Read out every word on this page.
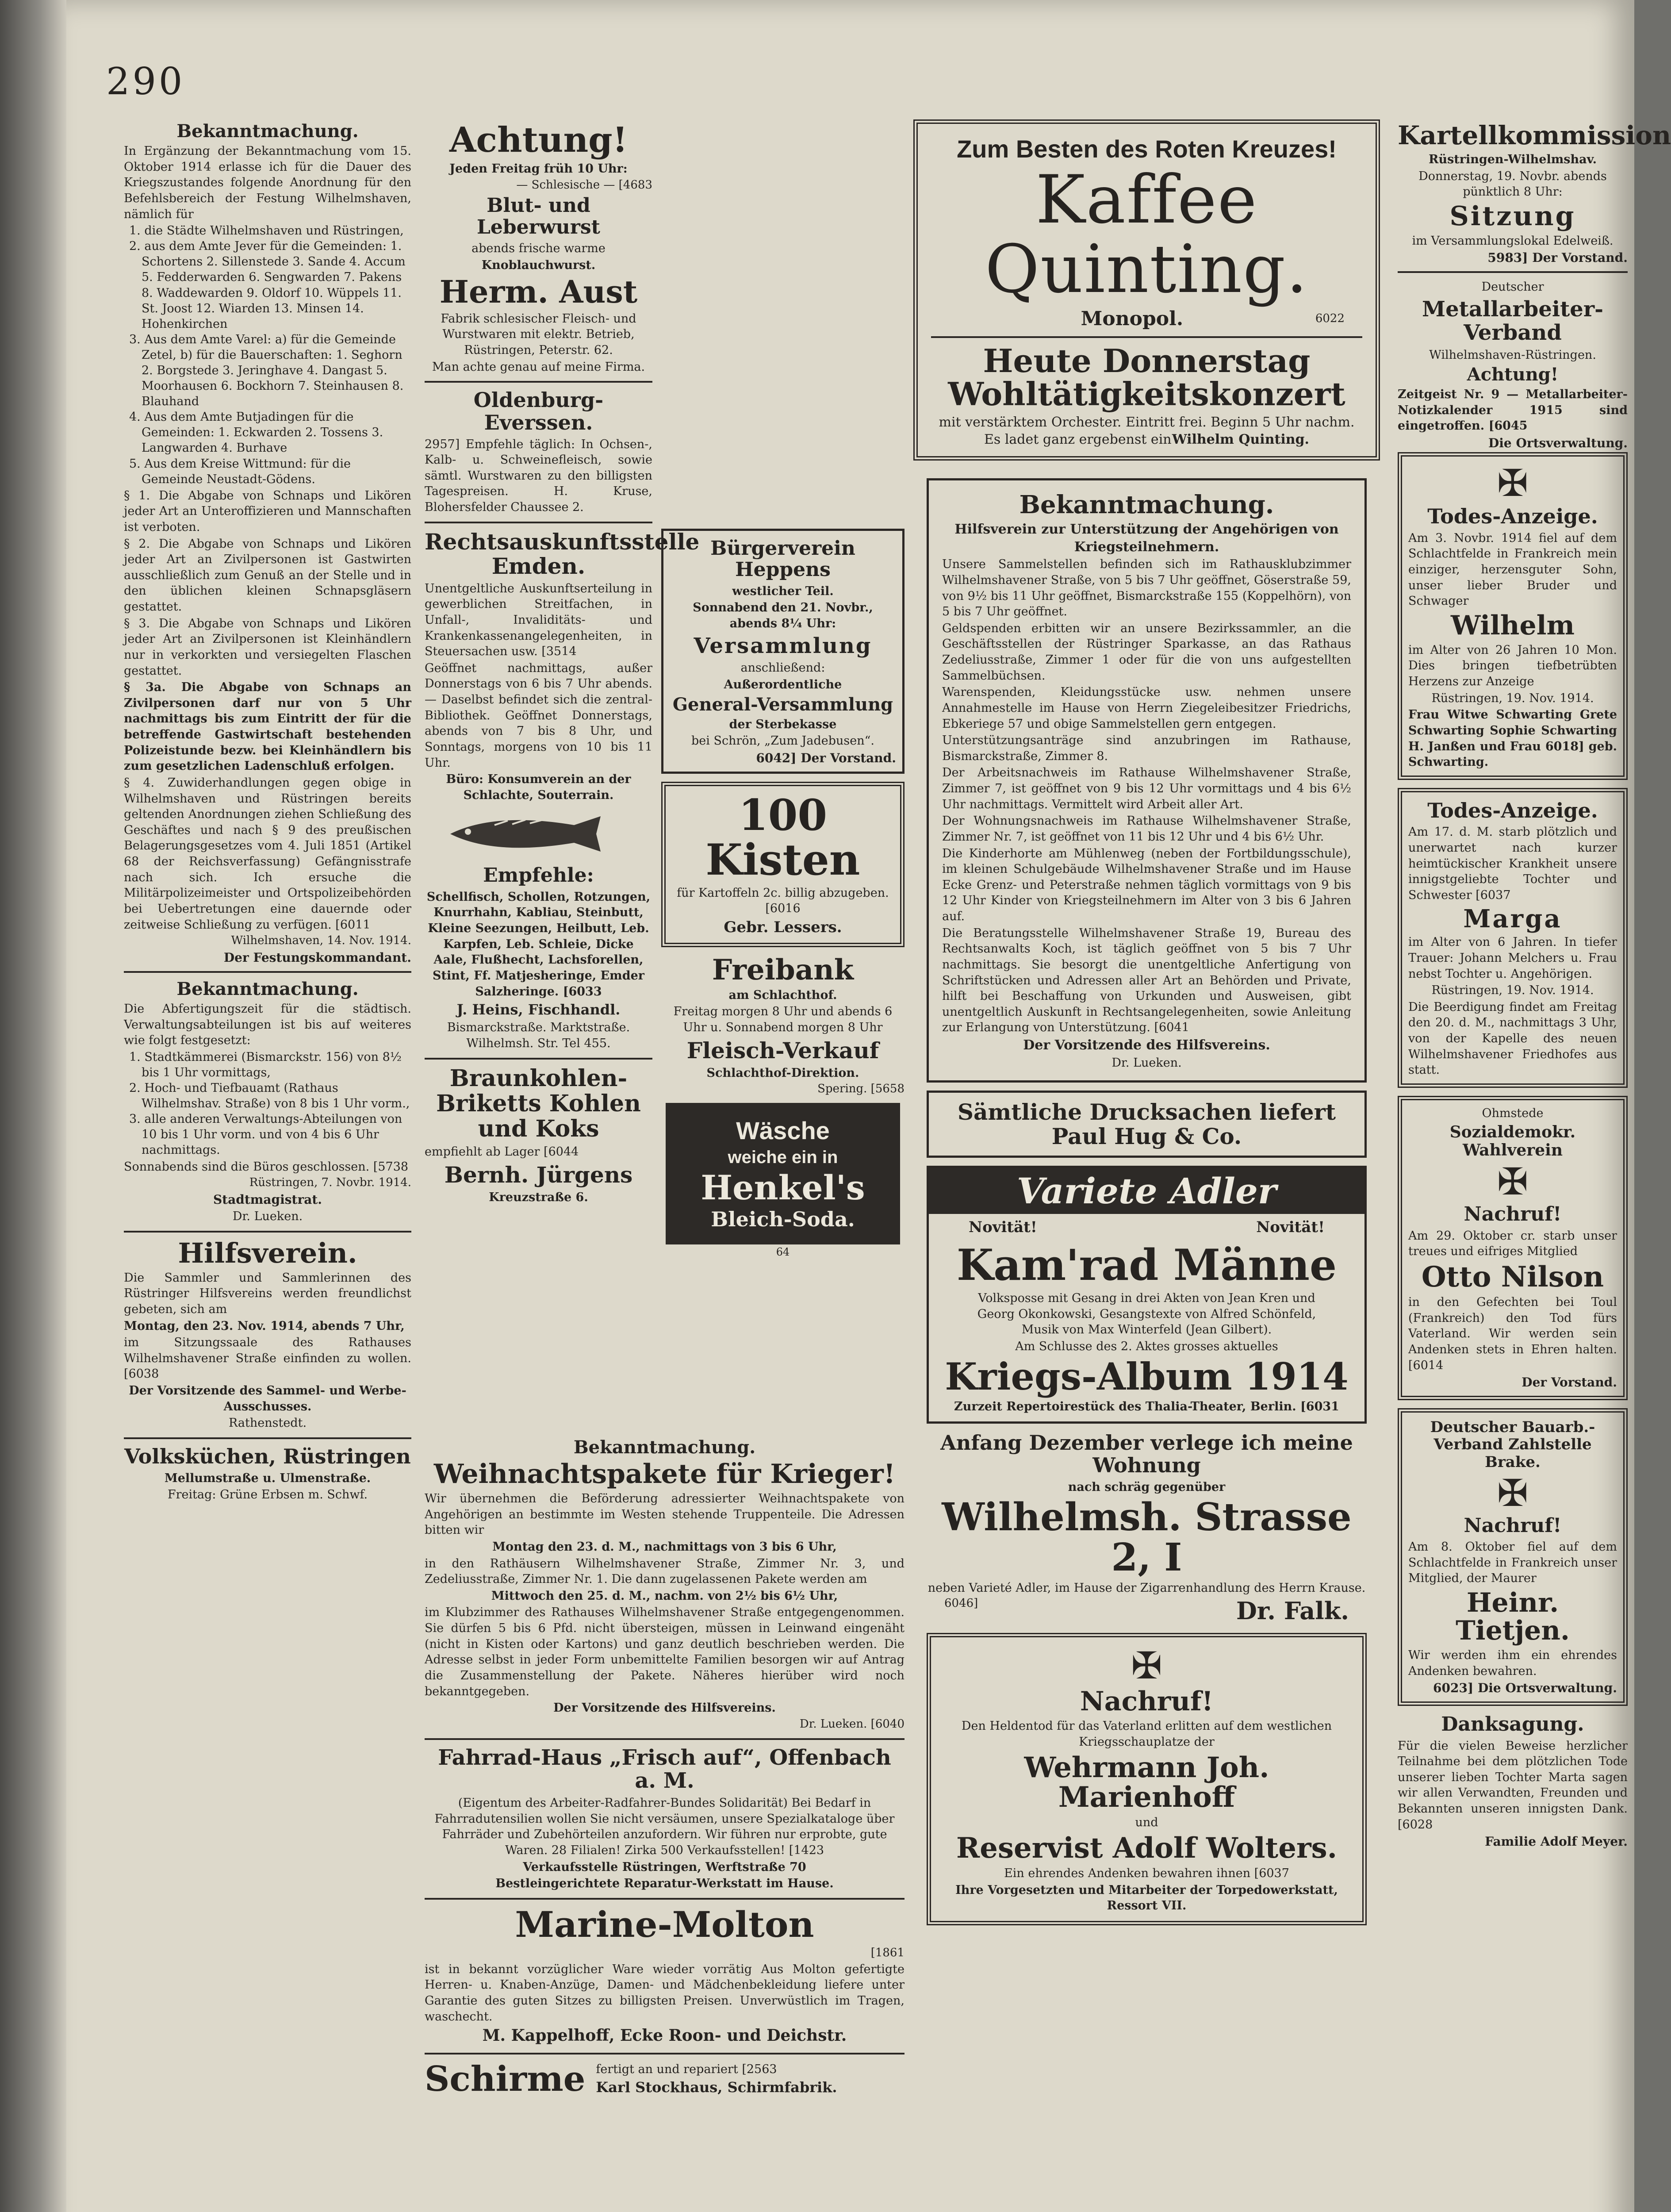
290
Bekanntmachung.

In Ergänzung der Bekanntmachung vom 15. Oktober 1914 erlasse ich für die Dauer des Kriegszustandes folgende Anordnung für den Befehlsbereich der Festung Wilhelmshaven, nämlich für

1. die Städte Wilhelmshaven und Rüstringen,

2. aus dem Amte Jever für die Gemeinden: 1. Schortens 2. Sillenstede 3. Sande 4. Accum 5. Fedderwarden 6. Sengwarden 7. Pakens 8. Waddewarden 9. Oldorf 10. Wüppels 11. St. Joost 12. Wiarden 13. Minsen 14. Hohenkirchen

3. Aus dem Amte Varel: a) für die Gemeinde Zetel, b) für die Bauerschaften: 1. Seghorn 2. Borgstede 3. Jeringhave 4. Dangast 5. Moorhausen 6. Bockhorn 7. Steinhausen 8. Blauhand

4. Aus dem Amte Butjadingen für die Gemeinden: 1. Eckwarden 2. Tossens 3. Langwarden 4. Burhave

5. Aus dem Kreise Wittmund: für die Gemeinde Neustadt-Gödens.

§ 1. Die Abgabe von Schnaps und Likören jeder Art an Unteroffizieren und Mannschaften ist verboten.

§ 2. Die Abgabe von Schnaps und Likören jeder Art an Zivilpersonen ist Gastwirten ausschließlich zum Genuß an der Stelle und in den üblichen kleinen Schnapsgläsern gestattet.

§ 3. Die Abgabe von Schnaps und Likören jeder Art an Zivilpersonen ist Kleinhändlern nur in verkorkten und versiegelten Flaschen gestattet.

§ 3a. Die Abgabe von Schnaps an Zivilpersonen darf nur von 5 Uhr nachmittags bis zum Eintritt der für die betreffende Gastwirtschaft bestehenden Polizeistunde bezw. bei Kleinhändlern bis zum gesetzlichen Ladenschluß erfolgen.

§ 4. Zuwiderhandlungen gegen obige in Wilhelmshaven und Rüstringen bereits geltenden Anordnungen ziehen Schließung des Geschäftes und nach § 9 des preußischen Belagerungsgesetzes vom 4. Juli 1851 (Artikel 68 der Reichsverfassung) Gefängnisstrafe nach sich. Ich ersuche die Militärpolizeimeister und Ortspolizeibehörden bei Uebertretungen eine dauernde oder zeitweise Schließung zu verfügen. [6011

Wilhelmshaven, 14. Nov. 1914.

Der Festungskommandant.

Bekanntmachung.

Die Abfertigungszeit für die städtisch. Verwaltungsabteilungen ist bis auf weiteres wie folgt festgesetzt:

1. Stadtkämmerei (Bismarckstr. 156) von 8½ bis 1 Uhr vormittags,

2. Hoch- und Tiefbauamt (Rathaus Wilhelmshav. Straße) von 8 bis 1 Uhr vorm.,

3. alle anderen Verwaltungs-Abteilungen von 10 bis 1 Uhr vorm. und von 4 bis 6 Uhr nachmittags.

Sonnabends sind die Büros geschlossen. [5738

Rüstringen, 7. Novbr. 1914.

Stadtmagistrat.

Dr. Lueken.

Hilfsverein.

Die Sammler und Sammlerinnen des Rüstringer Hilfsvereins werden freundlichst gebeten, sich am

Montag, den 23. Nov. 1914, abends 7 Uhr,

im Sitzungssaale des Rathauses Wilhelmshavener Straße einfinden zu wollen. [6038

Der Vorsitzende des Sammel- und Werbe-Ausschusses.

Rathenstedt.

Volksküchen, Rüstringen

Mellumstraße u. Ulmenstraße.

Freitag: Grüne Erbsen m. Schwf.

Achtung!

Jeden Freitag früh 10 Uhr:

— Schlesische — [4683

Blut- und Leberwurst

abends frische warme

Knoblauchwurst.

Herm. Aust

Fabrik schlesischer Fleisch- und Wurstwaren mit elektr. Betrieb, Rüstringen, Peterstr. 62.

Man achte genau auf meine Firma.

Oldenburg-Everssen.

2957] Empfehle täglich: In Ochsen-, Kalb- u. Schweinefleisch, sowie sämtl. Wurstwaren zu den billigsten Tagespreisen. H. Kruse, Blohersfelder Chaussee 2.

Rechtsauskunftsstelle Emden.

Unentgeltliche Auskunftserteilung in gewerblichen Streitfachen, in Unfall-, Invaliditäts- und Krankenkassenangelegenheiten, in Steuersachen usw. [3514

Geöffnet nachmittags, außer Donnerstags von 6 bis 7 Uhr abends. — Daselbst befindet sich die zentral-Bibliothek. Geöffnet Donnerstags, abends von 7 bis 8 Uhr, und Sonntags, morgens von 10 bis 11 Uhr.

Büro: Konsumverein an der Schlachte, Souterrain.

Empfehle:

Schellfisch, Schollen, Rotzungen, Knurrhahn, Kabliau, Steinbutt, Kleine Seezungen, Heilbutt, Leb. Karpfen, Leb. Schleie, Dicke Aale, Flußhecht, Lachsforellen, Stint, Ff. Matjesheringe, Emder Salzheringe. [6033

J. Heins, Fischhandl.

Bismarckstraße. Marktstraße. Wilhelmsh. Str. Tel 455.

Braunkohlen-Briketts Kohlen und Koks

empfiehlt ab Lager [6044

Bernh. Jürgens

Kreuzstraße 6.

Bürgerverein Heppens

westlicher Teil.

Sonnabend den 21. Novbr., abends 8¼ Uhr:

Versammlung

anschließend:

Außerordentliche

General-Versammlung

der Sterbekasse

bei Schrön, „Zum Jadebusen“.

6042] Der Vorstand.

100 Kisten

für Kartoffeln 2c. billig abzugeben. [6016

Gebr. Lessers.

Freibank

am Schlachthof.

Freitag morgen 8 Uhr und abends 6 Uhr u. Sonnabend morgen 8 Uhr

Fleisch-Verkauf

Schlachthof-Direktion.

Spering. [5658

Wäsche
weiche ein in
Henkel's
Bleich-Soda.

64

Bekanntmachung.
Weihnachtspakete für Krieger!

Wir übernehmen die Beförderung adressierter Weihnachtspakete von Angehörigen an bestimmte im Westen stehende Truppenteile. Die Adressen bitten wir

Montag den 23. d. M., nachmittags von 3 bis 6 Uhr,

in den Rathäusern Wilhelmshavener Straße, Zimmer Nr. 3, und Zedeliusstraße, Zimmer Nr. 1. Die dann zugelassenen Pakete werden am

Mittwoch den 25. d. M., nachm. von 2½ bis 6½ Uhr,

im Klubzimmer des Rathauses Wilhelmshavener Straße entgegengenommen. Sie dürfen 5 bis 6 Pfd. nicht übersteigen, müssen in Leinwand eingenäht (nicht in Kisten oder Kartons) und ganz deutlich beschrieben werden. Die Adresse selbst in jeder Form unbemittelte Familien besorgen wir auf Antrag die Zusammenstellung der Pakete. Näheres hierüber wird noch bekanntgegeben.

Der Vorsitzende des Hilfsvereins.

Dr. Lueken. [6040

Fahrrad-Haus „Frisch auf“, Offenbach a. M.

(Eigentum des Arbeiter-Radfahrer-Bundes Solidarität) Bei Bedarf in Fahrradutensilien wollen Sie nicht versäumen, unsere Spezialkataloge über Fahrräder und Zubehörteilen anzufordern. Wir führen nur erprobte, gute Waren. 28 Filialen! Zirka 500 Verkaufsstellen! [1423

Verkaufsstelle Rüstringen, Werftstraße 70

Bestleingerichtete Reparatur-Werkstatt im Hause.

Marine-Molton

[1861

ist in bekannt vorzüglicher Ware wieder vorrätig Aus Molton gefertigte Herren- u. Knaben-Anzüge, Damen- und Mädchenbekleidung liefere unter Garantie des guten Sitzes zu billigsten Preisen. Unverwüstlich im Tragen, waschecht.

M. Kappelhoff, Ecke Roon- und Deichstr.

Schirme fertigt an und repariert [2563

Karl Stockhaus, Schirmfabrik.

Zum Besten des Roten Kreuzes!
Kaffee Quinting.
Monopol.	6022
Heute Donnerstag Wohltätigkeitskonzert

mit verstärktem Orchester. Eintritt frei. Beginn 5 Uhr nachm.

Es ladet ganz ergebenst ein Wilhelm Quinting.
Bekanntmachung.

Hilfsverein zur Unterstützung der Angehörigen von Kriegsteilnehmern.

Unsere Sammelstellen befinden sich im Rathausklubzimmer Wilhelmshavener Straße, von 5 bis 7 Uhr geöffnet, Göserstraße 59, von 9½ bis 11 Uhr geöffnet, Bismarckstraße 155 (Koppelhörn), von 5 bis 7 Uhr geöffnet.

Geldspenden erbitten wir an unsere Bezirkssammler, an die Geschäftsstellen der Rüstringer Sparkasse, an das Rathaus Zedeliusstraße, Zimmer 1 oder für die von uns aufgestellten Sammelbüchsen.

Warenspenden, Kleidungsstücke usw. nehmen unsere Annahmestelle im Hause von Herrn Ziegeleibesitzer Friedrichs, Ebkeriege 57 und obige Sammelstellen gern entgegen.

Unterstützungsanträge sind anzubringen im Rathause, Bismarckstraße, Zimmer 8.

Der Arbeitsnachweis im Rathause Wilhelmshavener Straße, Zimmer 7, ist geöffnet von 9 bis 12 Uhr vormittags und 4 bis 6½ Uhr nachmittags. Vermittelt wird Arbeit aller Art.

Der Wohnungsnachweis im Rathause Wilhelmshavener Straße, Zimmer Nr. 7, ist geöffnet von 11 bis 12 Uhr und 4 bis 6½ Uhr.

Die Kinderhorte am Mühlenweg (neben der Fortbildungsschule), im kleinen Schulgebäude Wilhelmshavener Straße und im Hause Ecke Grenz- und Peterstraße nehmen täglich vormittags von 9 bis 12 Uhr Kinder von Kriegsteilnehmern im Alter von 3 bis 6 Jahren auf.

Die Beratungsstelle Wilhelmshavener Straße 19, Bureau des Rechtsanwalts Koch, ist täglich geöffnet von 5 bis 7 Uhr nachmittags. Sie besorgt die unentgeltliche Anfertigung von Schriftstücken und Adressen aller Art an Behörden und Private, hilft bei Beschaffung von Urkunden und Ausweisen, gibt unentgeltlich Auskunft in Rechtsangelegenheiten, sowie Anleitung zur Erlangung von Unterstützung. [6041

Der Vorsitzende des Hilfsvereins.

Dr. Lueken.

Sämtliche Drucksachen liefert Paul Hug & Co.
Variete Adler
Novität!	Novität!
Kam'rad Männe

Volksposse mit Gesang in drei Akten von Jean Kren und Georg Okonkowski, Gesangstexte von Alfred Schönfeld, Musik von Max Winterfeld (Jean Gilbert).

Am Schlusse des 2. Aktes grosses aktuelles

Kriegs-Album 1914

Zurzeit Repertoirestück des Thalia-Theater, Berlin. [6031

Anfang Dezember verlege ich meine Wohnung

nach schräg gegenüber

Wilhelmsh. Strasse 2, I

neben Varieté Adler, im Hause der Zigarrenhandlung des Herrn Krause.

6046]	Dr. Falk.
✠
Nachruf!

Den Heldentod für das Vaterland erlitten auf dem westlichen Kriegsschauplatze der

Wehrmann Joh. Marienhoff

und

Reservist Adolf Wolters.

Ein ehrendes Andenken bewahren ihnen [6037

Ihre Vorgesetzten und Mitarbeiter der Torpedowerkstatt, Ressort VII.

Kartellkommission

Rüstringen-Wilhelmshav.

Donnerstag, 19. Novbr. abends pünktlich 8 Uhr:

Sitzung

im Versammlungslokal Edelweiß.

5983] Der Vorstand.

Deutscher

Metallarbeiter-Verband

Wilhelmshaven-Rüstringen.

Achtung!

Zeitgeist Nr. 9 — Metallarbeiter-Notizkalender 1915 sind eingetroffen. [6045

Die Ortsverwaltung.

✠
Todes-Anzeige.

Am 3. Novbr. 1914 fiel auf dem Schlachtfelde in Frankreich mein einziger, herzensguter Sohn, unser lieber Bruder und Schwager

Wilhelm

im Alter von 26 Jahren 10 Mon. Dies bringen tiefbetrübten Herzens zur Anzeige

Rüstringen, 19. Nov. 1914.

Frau Witwe Schwarting Grete Schwarting Sophie Schwarting H. Janßen und Frau 6018] geb. Schwarting.

Todes-Anzeige.

Am 17. d. M. starb plötzlich und unerwartet nach kurzer heimtückischer Krankheit unsere innigstgeliebte Tochter und Schwester [6037

Marga

im Alter von 6 Jahren. In tiefer Trauer: Johann Melchers u. Frau nebst Tochter u. Angehörigen.

Rüstringen, 19. Nov. 1914.

Die Beerdigung findet am Freitag den 20. d. M., nachmittags 3 Uhr, von der Kapelle des neuen Wilhelmshavener Friedhofes aus statt.

Ohmstede

Sozialdemokr. Wahlverein
✠
Nachruf!

Am 29. Oktober cr. starb unser treues und eifriges Mitglied

Otto Nilson

in den Gefechten bei Toul (Frankreich) den Tod fürs Vaterland. Wir werden sein Andenken stets in Ehren halten. [6014

Der Vorstand.

Deutscher Bauarb.-Verband Zahlstelle Brake.
✠
Nachruf!

Am 8. Oktober fiel auf dem Schlachtfelde in Frankreich unser Mitglied, der Maurer

Heinr. Tietjen.

Wir werden ihm ein ehrendes Andenken bewahren.

6023] Die Ortsverwaltung.

Danksagung.

Für die vielen Beweise herzlicher Teilnahme bei dem plötzlichen Tode unserer lieben Tochter Marta sagen wir allen Verwandten, Freunden und Bekannten unseren innigsten Dank. [6028

Familie Adolf Meyer.
